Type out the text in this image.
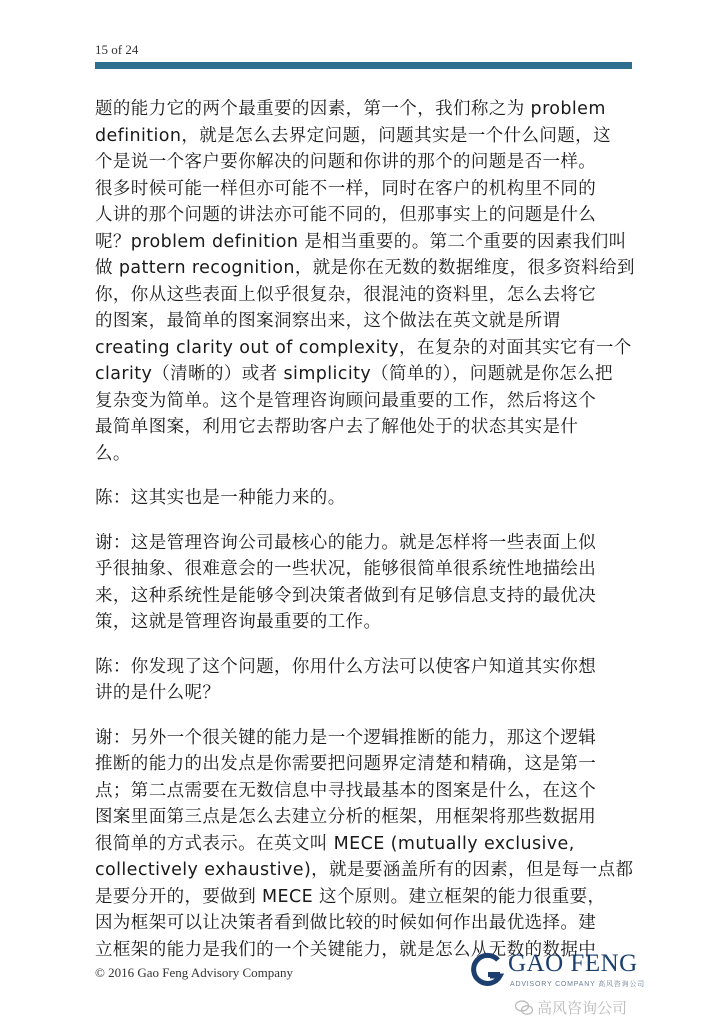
15 of 24

题的能力它的两个最重要的因素，第一个，我们称之为 problem
definition，就是怎么去界定问题，问题其实是一个什么问题，这
个是说一个客户要你解决的问题和你讲的那个的问题是否一样。
很多时候可能一样但亦可能不一样，同时在客户的机构里不同的
人讲的那个问题的讲法亦可能不同的，但那事实上的问题是什么
呢？problem definition 是相当重要的。第二个重要的因素我们叫
做 pattern recognition，就是你在无数的数据维度，很多资料给到
你，你从这些表面上似乎很复杂，很混沌的资料里，怎么去将它
的图案，最简单的图案洞察出来，这个做法在英文就是所谓
creating clarity out of complexity，在复杂的对面其实它有一个
clarity（清晰的）或者 simplicity（简单的），问题就是你怎么把
复杂变为简单。这个是管理咨询顾问最重要的工作，然后将这个
最简单图案，利用它去帮助客户去了解他处于的状态其实是什
么。

陈：这其实也是一种能力来的。

谢：这是管理咨询公司最核心的能力。就是怎样将一些表面上似
乎很抽象、很难意会的一些状况，能够很简单很系统性地描绘出
来，这种系统性是能够令到决策者做到有足够信息支持的最优决
策，这就是管理咨询最重要的工作。

陈：你发现了这个问题，你用什么方法可以使客户知道其实你想
讲的是什么呢？

谢：另外一个很关键的能力是一个逻辑推断的能力，那这个逻辑
推断的能力的出发点是你需要把问题界定清楚和精确，这是第一
点；第二点需要在无数信息中寻找最基本的图案是什么，在这个
图案里面第三点是怎么去建立分析的框架，用框架将那些数据用
很简单的方式表示。在英文叫 MECE (mutually exclusive,
collectively exhaustive)，就是要涵盖所有的因素，但是每一点都
是要分开的，要做到 MECE 这个原则。建立框架的能力很重要，
因为框架可以让决策者看到做比较的时候如何作出最优选择。建
立框架的能力是我们的一个关键能力，就是怎么从无数的数据中

© 2016 Gao Feng Advisory Company	GAO FENG
ADVISORY COMPANY 高风咨询公司
高风咨询公司
